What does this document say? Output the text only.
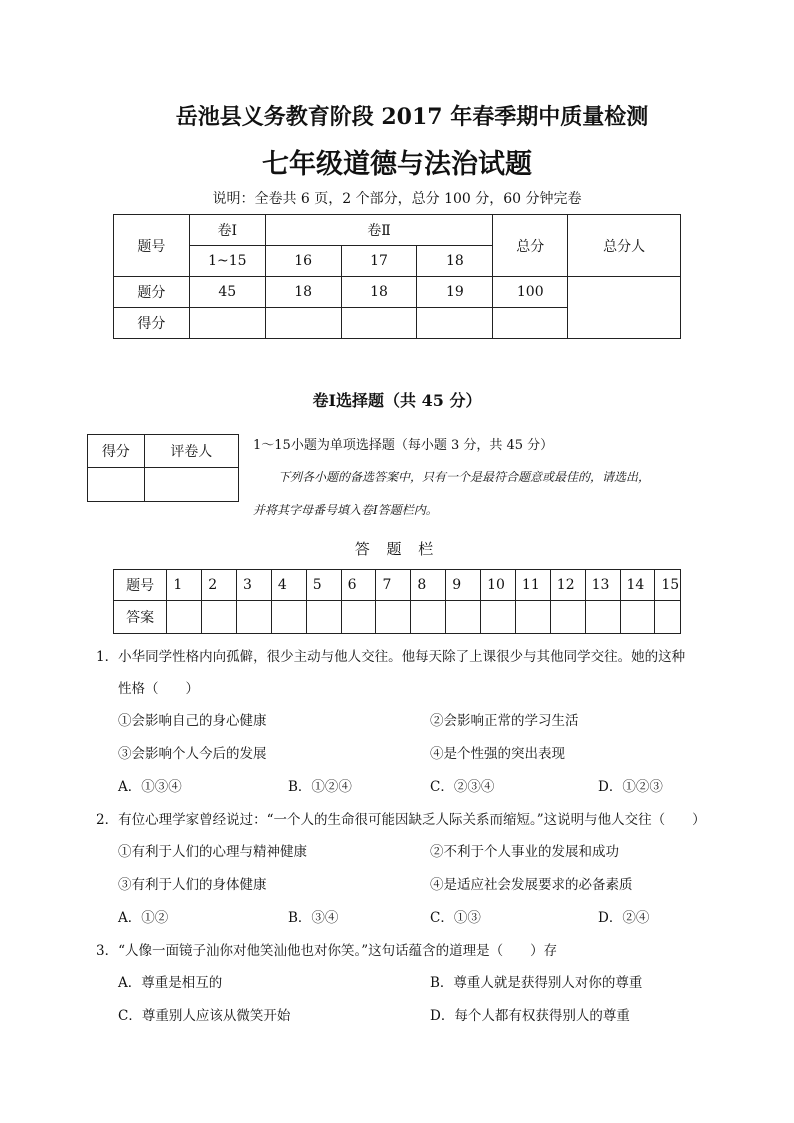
岳池县义务教育阶段 2017 年春季期中质量检测
七年级道德与法治试题
说明：全卷共 6 页，2 个部分，总分 100 分，60 分钟完卷
题号	卷Ⅰ	卷Ⅱ			总分	总分人
	1~15	16	17	18		
题分	45	18	18	19	100	
得分						
卷Ⅰ选择题（共 45 分）
得分	评卷人
		1～15小题为单项选择题（每小题 3 分，共 45 分）
下列各小题的备选答案中，只有一个是最符合题意或最佳的，请选出，
并将其字母番号填入卷Ⅰ答题栏内。
答 题 栏
题号	1	2	3	4	5	6	7	8	9	10	11	12	13	14	15
答案															
1．小华同学性格内向孤僻，很少主动与他人交往。他每天除了上课很少与其他同学交往。她的这种
性格（　　）
①会影响自己的身心健康	②会影响正常的学习生活
③会影响个人今后的发展	④是个性强的突出表现
A．①③④	B．①②④	C．②③④	D．①②③
2．有位心理学家曾经说过：“一个人的生命很可能因缺乏人际关系而缩短。”这说明与他人交往（　　）
①有利于人们的心理与精神健康	②不利于个人事业的发展和成功
③有利于人们的身体健康	④是适应社会发展要求的必备素质
A．①②	B．③④	C．①③	D．②④
3．“人像一面镜子汕你对他笑汕他也对你笑。”这句话蕴含的道理是（　　）存
A．尊重是相互的	B．尊重人就是获得别人对你的尊重
C．尊重别人应该从微笑开始	D．每个人都有权获得别人的尊重
